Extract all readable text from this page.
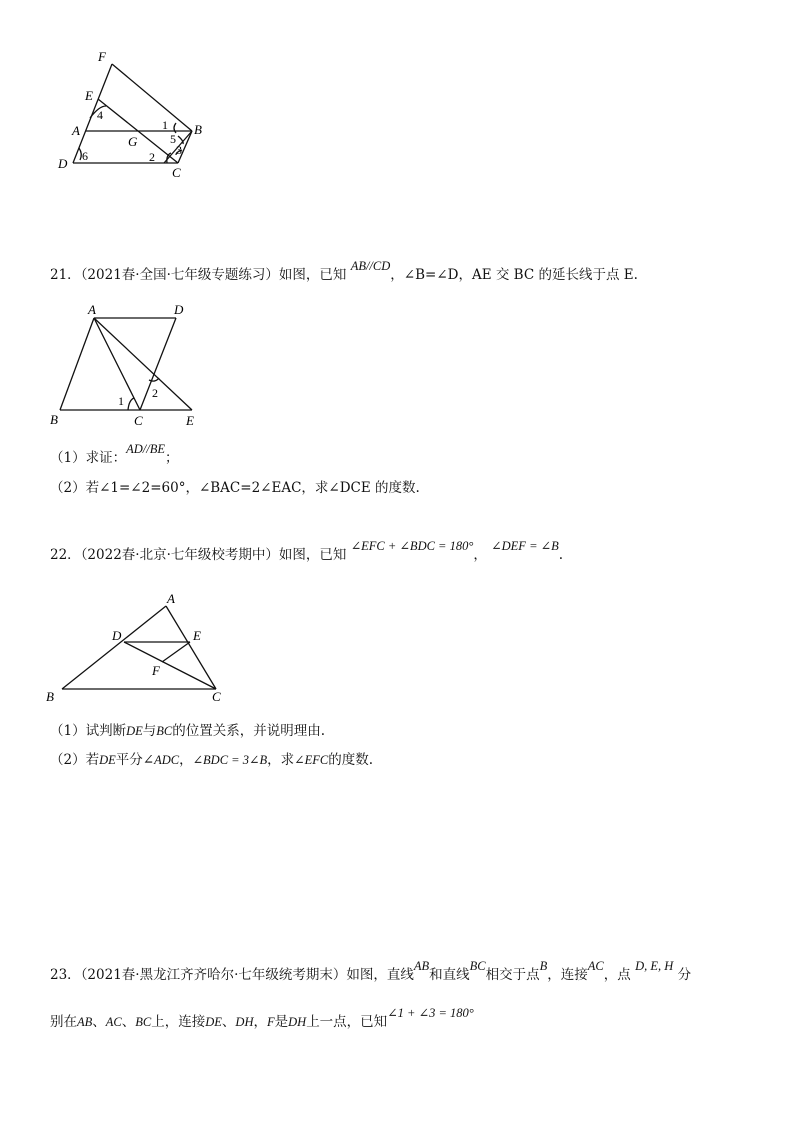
F
E
A
D
G
B
C
4
6
1
5
2 3
21．（2021春·全国·七年级专题练习）如图，已知 AB//CD，∠B=∠D，AE 交 BC 的延长线于点 E.
A	D
B	C	E
1
2
（1）求证：AD//BE；
（2）若∠1=∠2=60°，∠BAC=2∠EAC，求∠DCE 的度数.
22．（2022春·北京·七年级校考期中）如图，已知 ∠EFC + ∠BDC = 180°， ∠DEF = ∠B.
A
D	E
F
B	C
（1）试判断DE与BC的位置关系，并说明理由.
（2）若DE平分∠ADC，∠BDC = 3∠B，求∠EFC的度数.
23．（2021春·黑龙江齐齐哈尔·七年级统考期末）如图，直线AB和直线BC相交于点B，连接AC，点 D, E, H 分
别在AB、AC、BC上，连接DE、DH，F是DH上一点，已知∠1 + ∠3 = 180°
